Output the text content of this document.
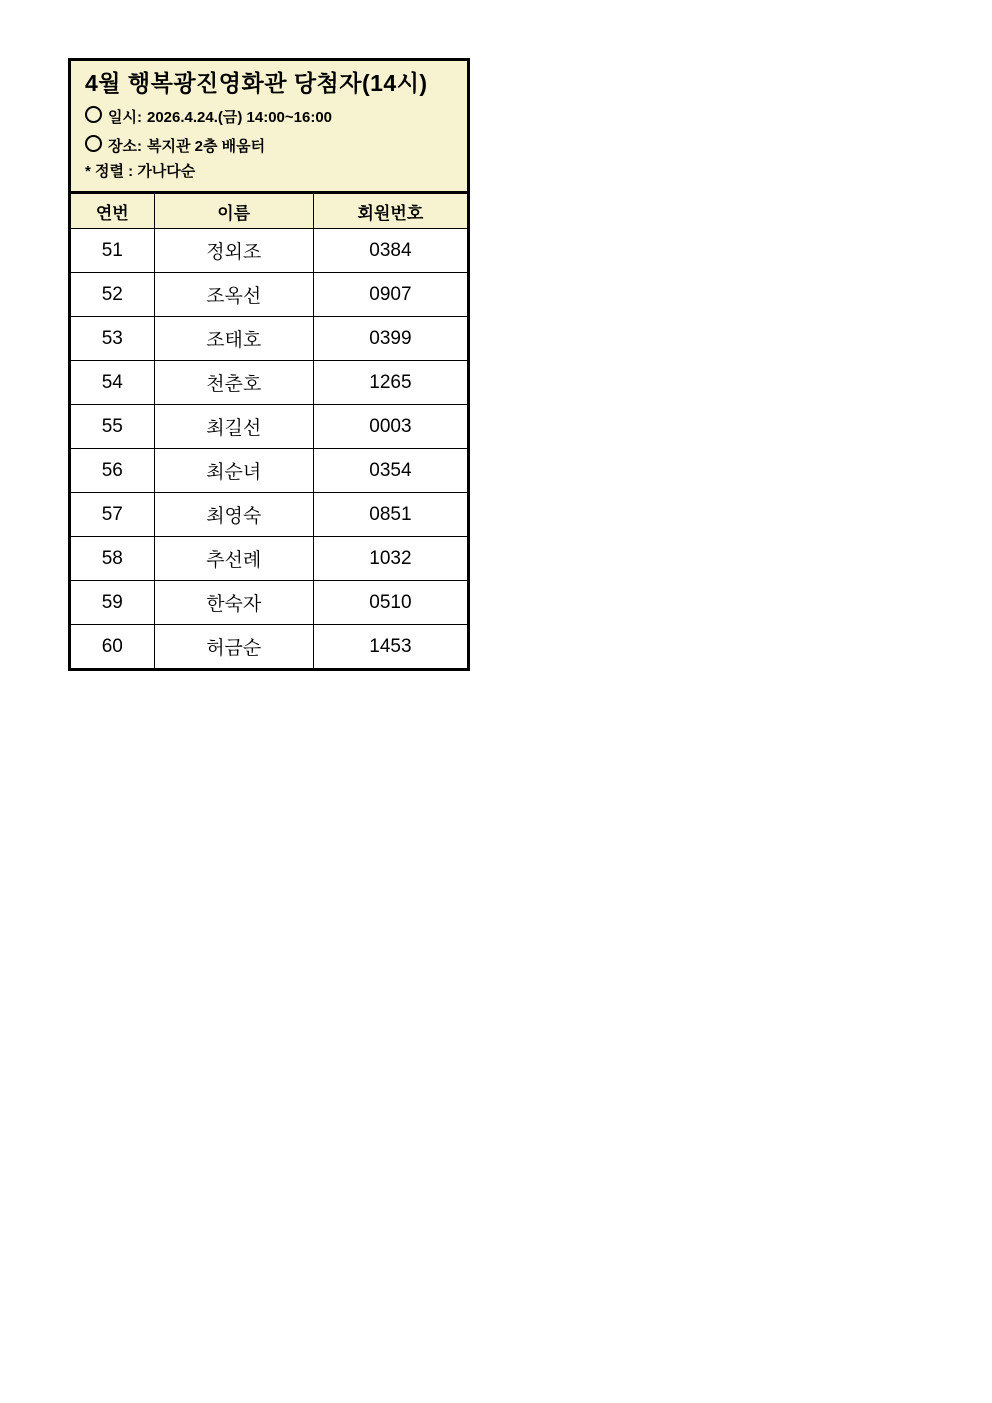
4월 행복광진영화관 당첨자(14시)
일시: 2026.4.24.(금) 14:00~16:00
장소: 복지관 2층 배움터
* 정렬 : 가나다순
연번	이름	회원번호
51	정외조	0384
52	조옥선	0907
53	조태호	0399
54	천춘호	1265
55	최길선	0003
56	최순녀	0354
57	최영숙	0851
58	추선례	1032
59	한숙자	0510
60	허금순	1453
